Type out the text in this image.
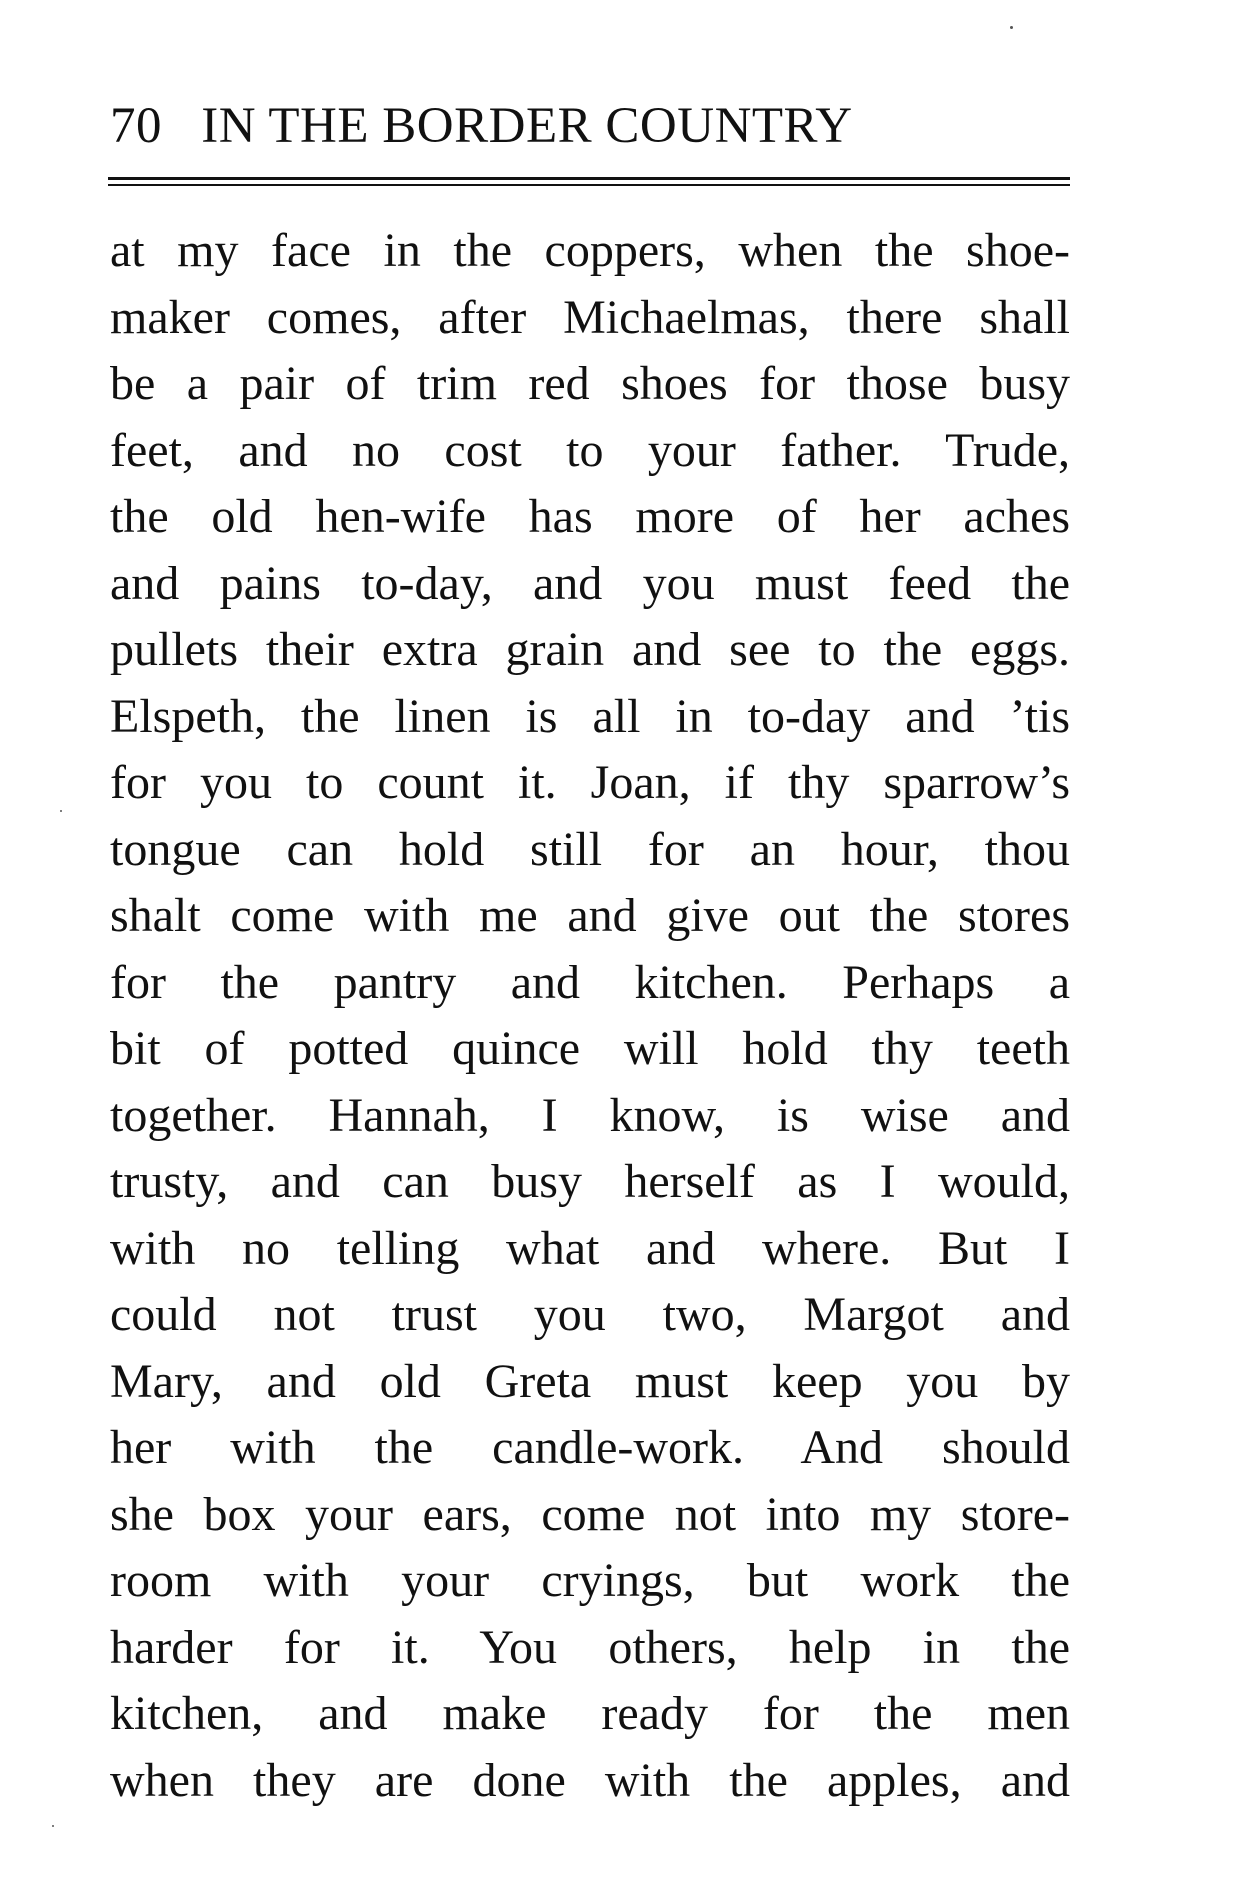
70 IN THE BORDER COUNTRY
at my face in the coppers, when the shoe-
maker comes, after Michaelmas, there shall
be a pair of trim red shoes for those busy
feet, and no cost to your father. Trude,
the old hen-wife has more of her aches
and pains to-day, and you must feed the
pullets their extra grain and see to the eggs.
Elspeth, the linen is all in to-day and ’tis
for you to count it. Joan, if thy sparrow’s
tongue can hold still for an hour, thou
shalt come with me and give out the stores
for the pantry and kitchen. Perhaps a
bit of potted quince will hold thy teeth
together. Hannah, I know, is wise and
trusty, and can busy herself as I would,
with no telling what and where. But I
could not trust you two, Margot and
Mary, and old Greta must keep you by
her with the candle-work. And should
she box your ears, come not into my store-
room with your cryings, but work the
harder for it. You others, help in the
kitchen, and make ready for the men
when they are done with the apples, and
